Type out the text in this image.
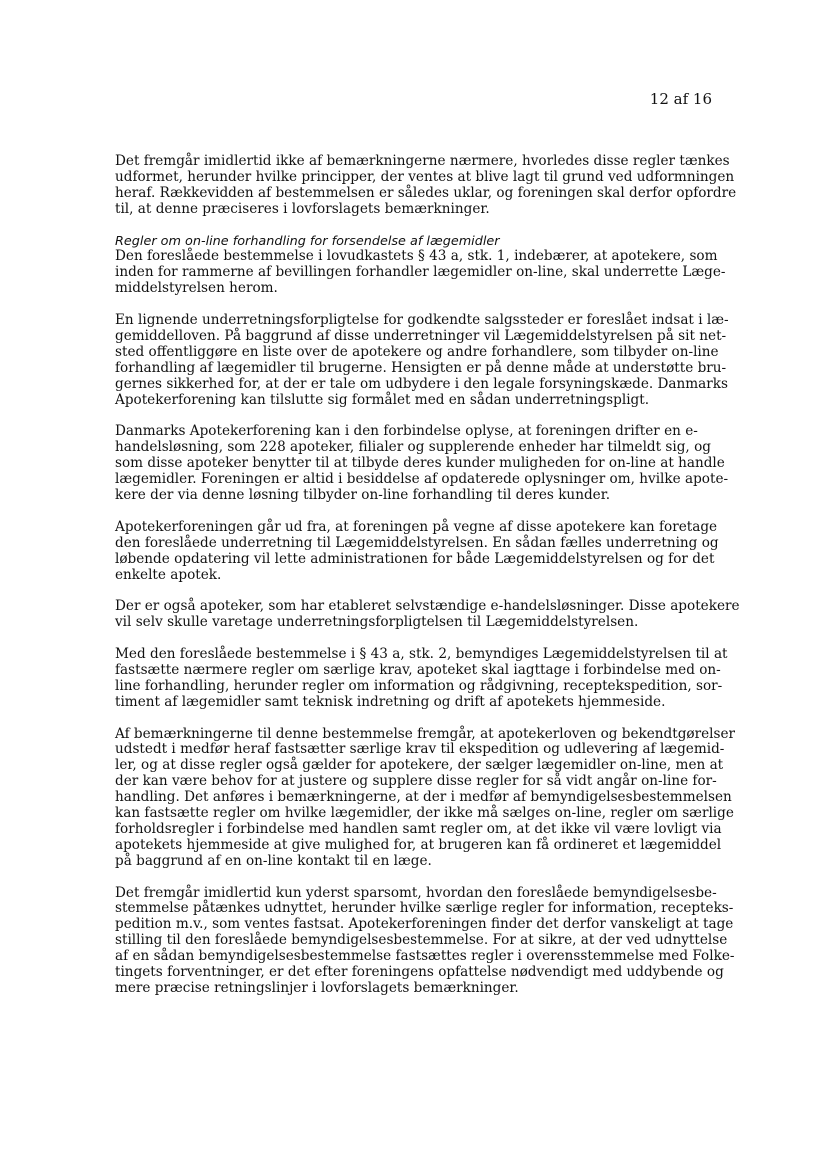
12 af 16

Det fremgår imidlertid ikke af bemærkningerne nærmere, hvorledes disse regler tænkes
udformet, herunder hvilke principper, der ventes at blive lagt til grund ved udformningen
heraf. Rækkevidden af bestemmelsen er således uklar, og foreningen skal derfor opfordre
til, at denne præciseres i lovforslagets bemærkninger.

Regler om on-line forhandling for forsendelse af lægemidler
Den foreslåede bestemmelse i lovudkastets § 43 a, stk. 1, indebærer, at apotekere, som
inden for rammerne af bevillingen forhandler lægemidler on-line, skal underrette Læge-
middelstyrelsen herom.

En lignende underretningsforpligtelse for godkendte salgssteder er foreslået indsat i læ-
gemiddelloven. På baggrund af disse underretninger vil Lægemiddelstyrelsen på sit net-
sted offentliggøre en liste over de apotekere og andre forhandlere, som tilbyder on-line
forhandling af lægemidler til brugerne. Hensigten er på denne måde at understøtte bru-
gernes sikkerhed for, at der er tale om udbydere i den legale forsyningskæde. Danmarks
Apotekerforening kan tilslutte sig formålet med en sådan underretningspligt.

Danmarks Apotekerforening kan i den forbindelse oplyse, at foreningen drifter en e-
handelsløsning, som 228 apoteker, filialer og supplerende enheder har tilmeldt sig, og
som disse apoteker benytter til at tilbyde deres kunder muligheden for on-line at handle
lægemidler. Foreningen er altid i besiddelse af opdaterede oplysninger om, hvilke apote-
kere der via denne løsning tilbyder on-line forhandling til deres kunder.

Apotekerforeningen går ud fra, at foreningen på vegne af disse apotekere kan foretage
den foreslåede underretning til Lægemiddelstyrelsen. En sådan fælles underretning og
løbende opdatering vil lette administrationen for både Lægemiddelstyrelsen og for det
enkelte apotek.

Der er også apoteker, som har etableret selvstændige e-handelsløsninger. Disse apotekere
vil selv skulle varetage underretningsforpligtelsen til Lægemiddelstyrelsen.

Med den foreslåede bestemmelse i § 43 a, stk. 2, bemyndiges Lægemiddelstyrelsen til at
fastsætte nærmere regler om særlige krav, apoteket skal iagttage i forbindelse med on-
line forhandling, herunder regler om information og rådgivning, receptekspedition, sor-
timent af lægemidler samt teknisk indretning og drift af apotekets hjemmeside.

Af bemærkningerne til denne bestemmelse fremgår, at apotekerloven og bekendtgørelser
udstedt i medfør heraf fastsætter særlige krav til ekspedition og udlevering af lægemid-
ler, og at disse regler også gælder for apotekere, der sælger lægemidler on-line, men at
der kan være behov for at justere og supplere disse regler for så vidt angår on-line for-
handling. Det anføres i bemærkningerne, at der i medfør af bemyndigelsesbestemmelsen
kan fastsætte regler om hvilke lægemidler, der ikke må sælges on-line, regler om særlige
forholdsregler i forbindelse med handlen samt regler om, at det ikke vil være lovligt via
apotekets hjemmeside at give mulighed for, at brugeren kan få ordineret et lægemiddel
på baggrund af en on-line kontakt til en læge.

Det fremgår imidlertid kun yderst sparsomt, hvordan den foreslåede bemyndigelsesbe-
stemmelse påtænkes udnyttet, herunder hvilke særlige regler for information, recepteks-
pedition m.v., som ventes fastsat. Apotekerforeningen finder det derfor vanskeligt at tage
stilling til den foreslåede bemyndigelsesbestemmelse. For at sikre, at der ved udnyttelse
af en sådan bemyndigelsesbestemmelse fastsættes regler i overensstemmelse med Folke-
tingets forventninger, er det efter foreningens opfattelse nødvendigt med uddybende og
mere præcise retningslinjer i lovforslagets bemærkninger.
